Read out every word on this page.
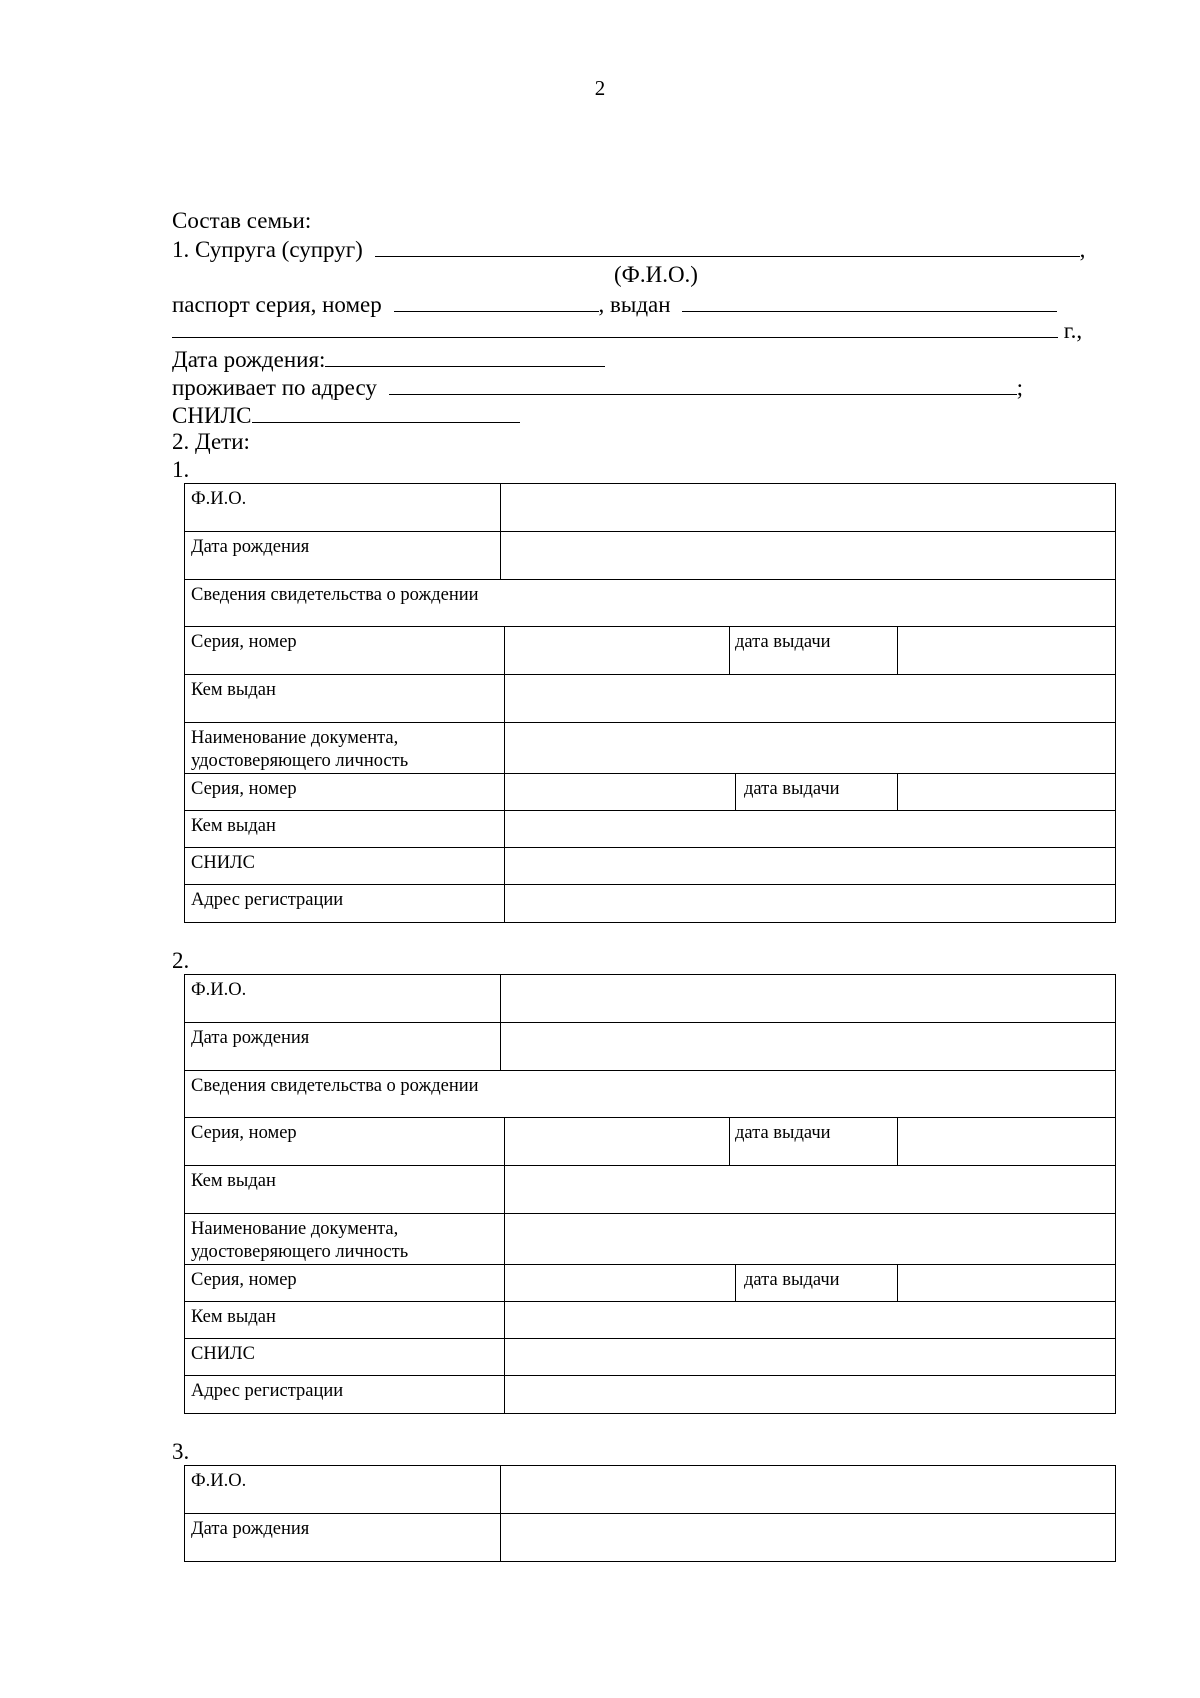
2
Состав семьи:
1. Супруга (супруг)	,
(Ф.И.О.)
паспорт серия, номер	, выдан
г.,
Дата рождения:
проживает по адресу	;
СНИЛС
2. Дети:
1.
Ф.И.О.					
Дата рождения					
Сведения свидетельства о рождении					
Серия, номер			дата выдачи		
Кем выдан					
Наименование документа, удостоверяющего личность					
Серия, номер				дата выдачи	
Кем выдан					
СНИЛС					
Адрес регистрации					
2.
Ф.И.О.					
Дата рождения					
Сведения свидетельства о рождении					
Серия, номер			дата выдачи		
Кем выдан					
Наименование документа, удостоверяющего личность					
Серия, номер				дата выдачи	
Кем выдан					
СНИЛС					
Адрес регистрации					
3.
Ф.И.О.	
Дата рождения	
